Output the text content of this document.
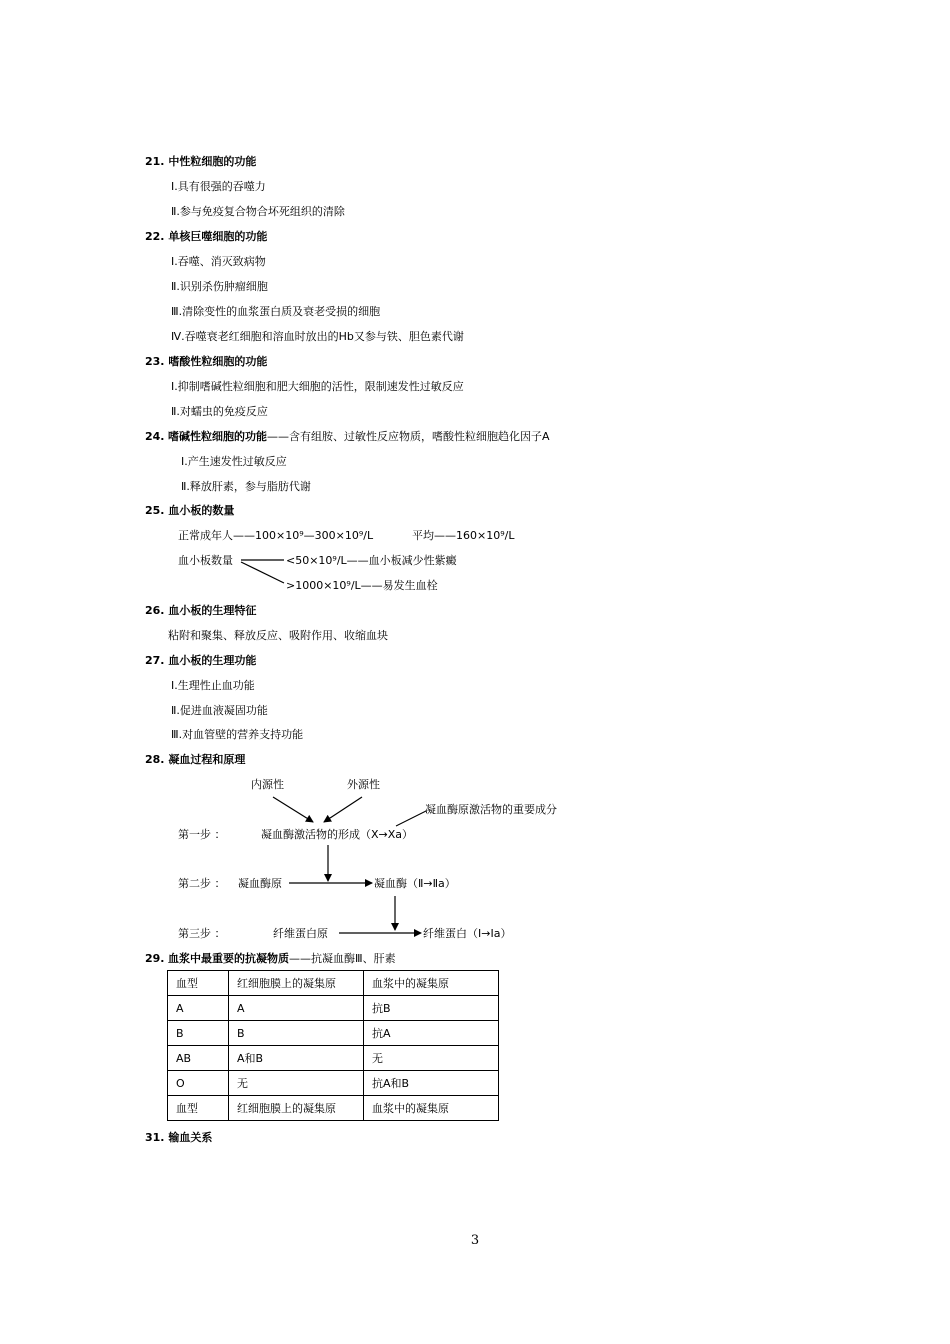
21. 中性粒细胞的功能
Ⅰ.具有很强的吞噬力
Ⅱ.参与免疫复合物合坏死组织的清除
22. 单核巨噬细胞的功能
Ⅰ.吞噬、消灭致病物
Ⅱ.识别杀伤肿瘤细胞
Ⅲ.清除变性的血浆蛋白质及衰老受损的细胞
Ⅳ.吞噬衰老红细胞和溶血时放出的Hb又参与铁、胆色素代谢
23. 嗜酸性粒细胞的功能
Ⅰ.抑制嗜碱性粒细胞和肥大细胞的活性，限制速发性过敏反应
Ⅱ.对蠕虫的免疫反应
24. 嗜碱性粒细胞的功能——含有组胺、过敏性反应物质，嗜酸性粒细胞趋化因子A
Ⅰ.产生速发性过敏反应
Ⅱ.释放肝素，参与脂肪代谢
25. 血小板的数量
正常成年人——100×10⁹—300×10⁹/L	平均——160×10⁹/L
血小板数量	<50×10⁹/L——血小板减少性紫癜
>1000×10⁹/L——易发生血栓
26. 血小板的生理特征
粘附和聚集、释放反应、吸附作用、收缩血块
27. 血小板的生理功能
Ⅰ.生理性止血功能
Ⅱ.促进血液凝固功能
Ⅲ.对血管壁的营养支持功能
28. 凝血过程和原理
内源性	外源性
凝血酶原激活物的重要成分
第一步 ：	凝血酶激活物的形成（X→Xa）
第二步 ： 凝血酶原	凝血酶（Ⅱ→Ⅱa）
第三步 ：	纤维蛋白原	纤维蛋白（Ⅰ→Ⅰa）
29. 血浆中最重要的抗凝物质——抗凝血酶Ⅲ、肝素
血型	红细胞膜上的凝集原	血浆中的凝集原
A	A	抗B
B	B	抗A
AB	A和B	无
O	无	抗A和B
血型	红细胞膜上的凝集原	血浆中的凝集原
31. 输血关系
3
